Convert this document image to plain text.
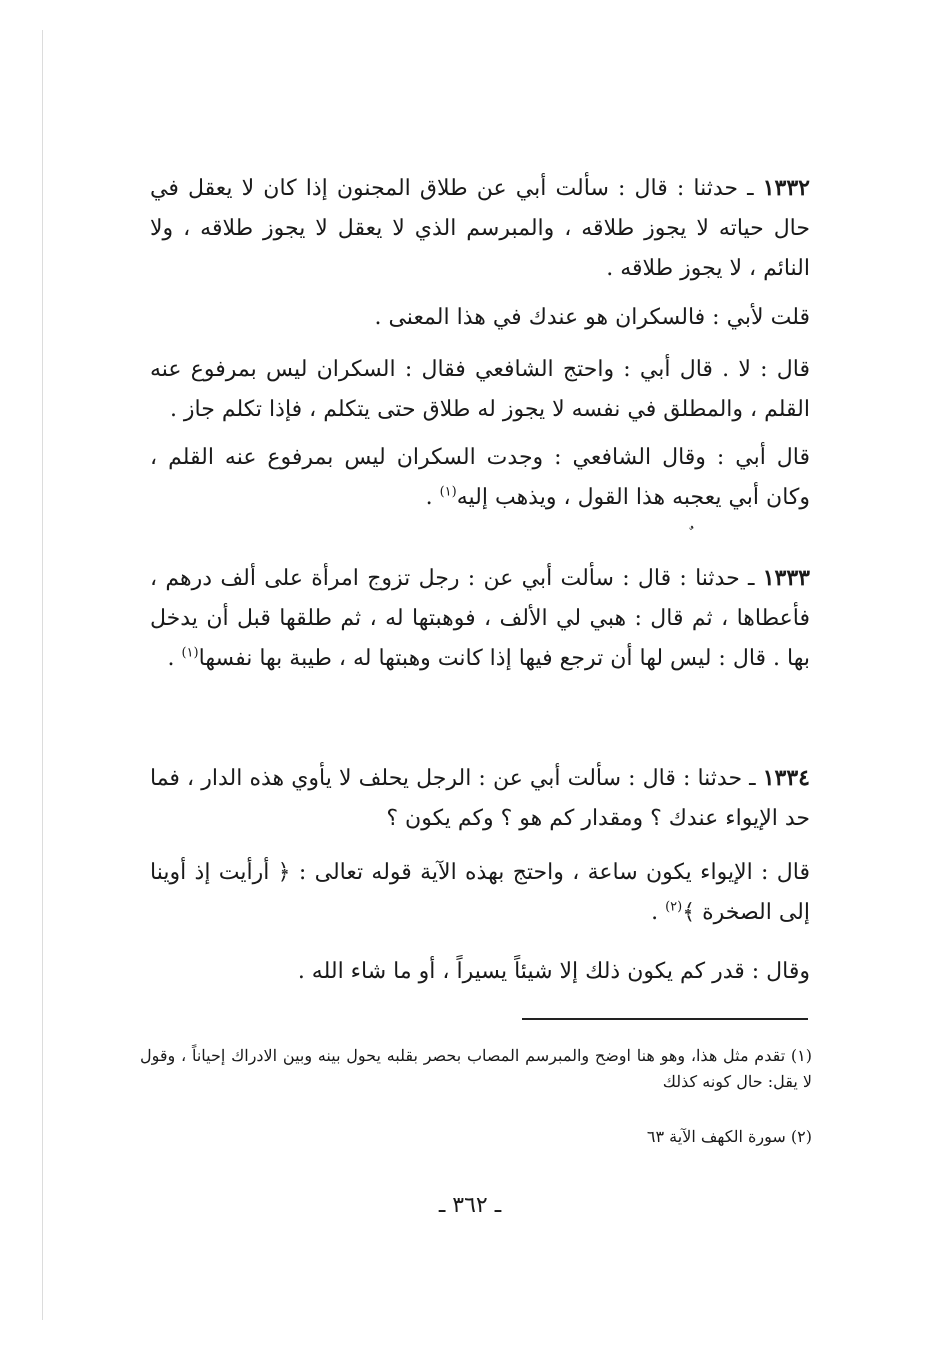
١٣٣٢ ـ حدثنا : قال : سألت أبي عن طلاق المجنون إذا كان لا يعقل في حال حياته لا يجوز طلاقه ، والمبرسم الذي لا يعقل لا يجوز طلاقه ، ولا النائم ، لا يجوز طلاقه .

قلت لأبي : فالسكران هو عندك في هذا المعنى .

قال : لا . قال أبي : واحتج الشافعي فقال : السكران ليس بمرفوع عنه القلم ، والمطلق في نفسه لا يجوز له طلاق حتى يتكلم ، فإذا تكلم جاز .

قال أبي : وقال الشافعي : وجدت السكران ليس بمرفوع عنه القلم ، وكان أبي يعجبه هذا القول ، ويذهب إليه$^{(١)}$ .

١٣٣٣ ـ حدثنا : قال : سألت أبي عن : رجل تزوج امرأة على ألف درهم ، فأعطاها ، ثم قال : هبي لي الألف ، فوهبتها له ، ثم طلقها قبل أن يدخل بها . قال : ليس لها أن ترجع فيها إذا كانت وهبتها له ، طيبة بها نفسها$^{(١)}$ .

١٣٣٤ ـ حدثنا : قال : سألت أبي عن : الرجل يحلف لا يأوي هذه الدار ، فما حد الإيواء عندك ؟ ومقدار كم هو ؟ وكم يكون ؟

قال : الإيواء يكون ساعة ، واحتج بهذه الآية قوله تعالى : ﴿ أرأيت إذ أوينا إلى الصخرة ﴾$^{(٢)}$ .

وقال : قدر كم يكون ذلك إلا شيئاً يسيراً ، أو ما شاء الله .

(١) تقدم مثل هذا، وهو هنا اوضح والمبرسم المصاب بحصر بقلبه يحول بينه وبين الادراك إحياناً ، وقول لا يقل: حال كونه كذلك

(٢) سورة الكهف الآية ٦٣

ـ ٣٦٢ ـ
